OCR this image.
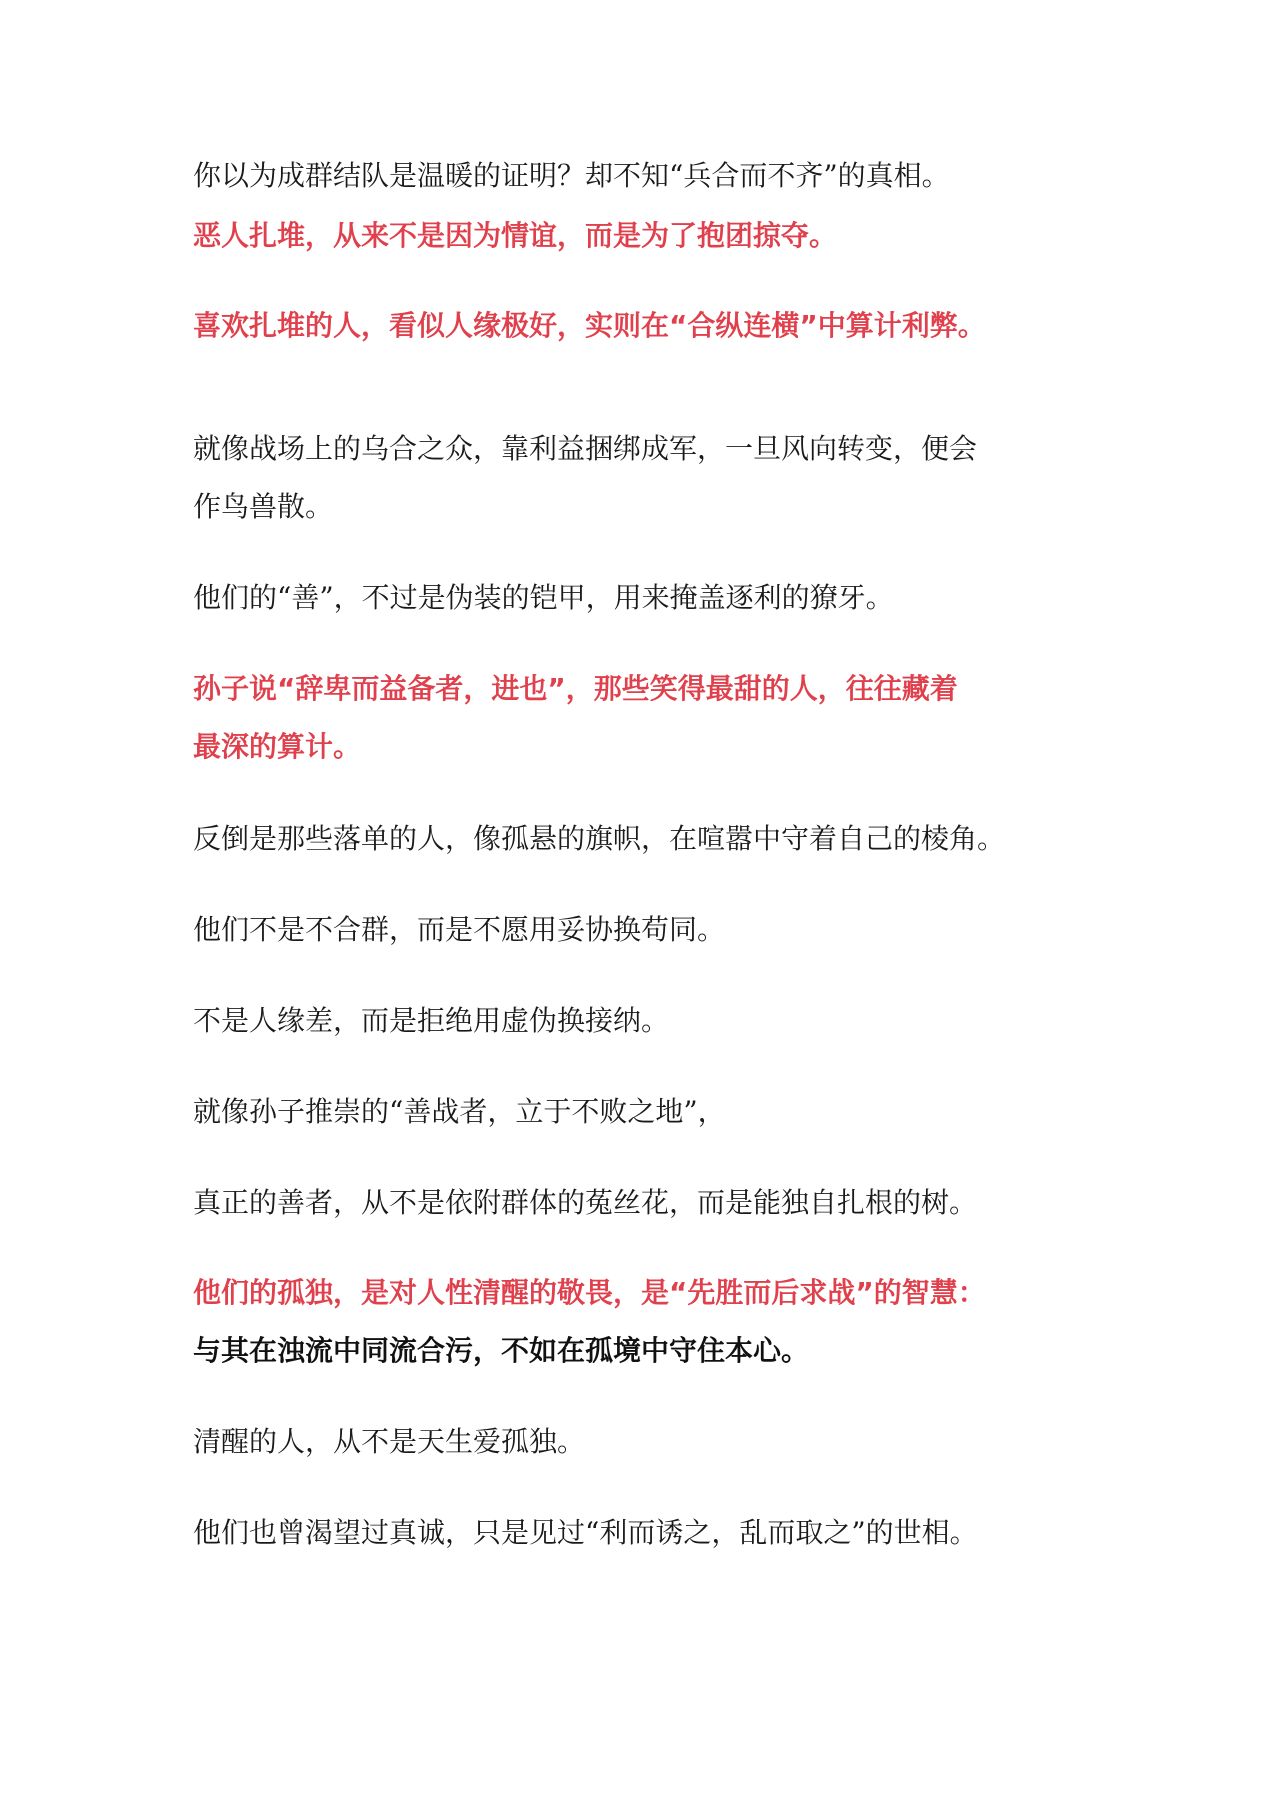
你以为成群结队是温暖的证明？却不知“兵合而不齐”的真相。

恶人扎堆，从来不是因为情谊，而是为了抱团掠夺。

喜欢扎堆的人，看似人缘极好，实则在“合纵连横”中算计利弊。

就像战场上的乌合之众，靠利益捆绑成军，一旦风向转变，便会
作鸟兽散。

他们的“善”，不过是伪装的铠甲，用来掩盖逐利的獠牙。

孙子说“辞卑而益备者，进也”，那些笑得最甜的人，往往藏着
最深的算计。

反倒是那些落单的人，像孤悬的旗帜，在喧嚣中守着自己的棱角。

他们不是不合群，而是不愿用妥协换苟同。

不是人缘差，而是拒绝用虚伪换接纳。

就像孙子推崇的“善战者，立于不败之地”，

真正的善者，从不是依附群体的菟丝花，而是能独自扎根的树。

他们的孤独，是对人性清醒的敬畏，是“先胜而后求战”的智慧：
与其在浊流中同流合污，不如在孤境中守住本心。

清醒的人，从不是天生爱孤独。

他们也曾渴望过真诚，只是见过“利而诱之，乱而取之”的世相。
